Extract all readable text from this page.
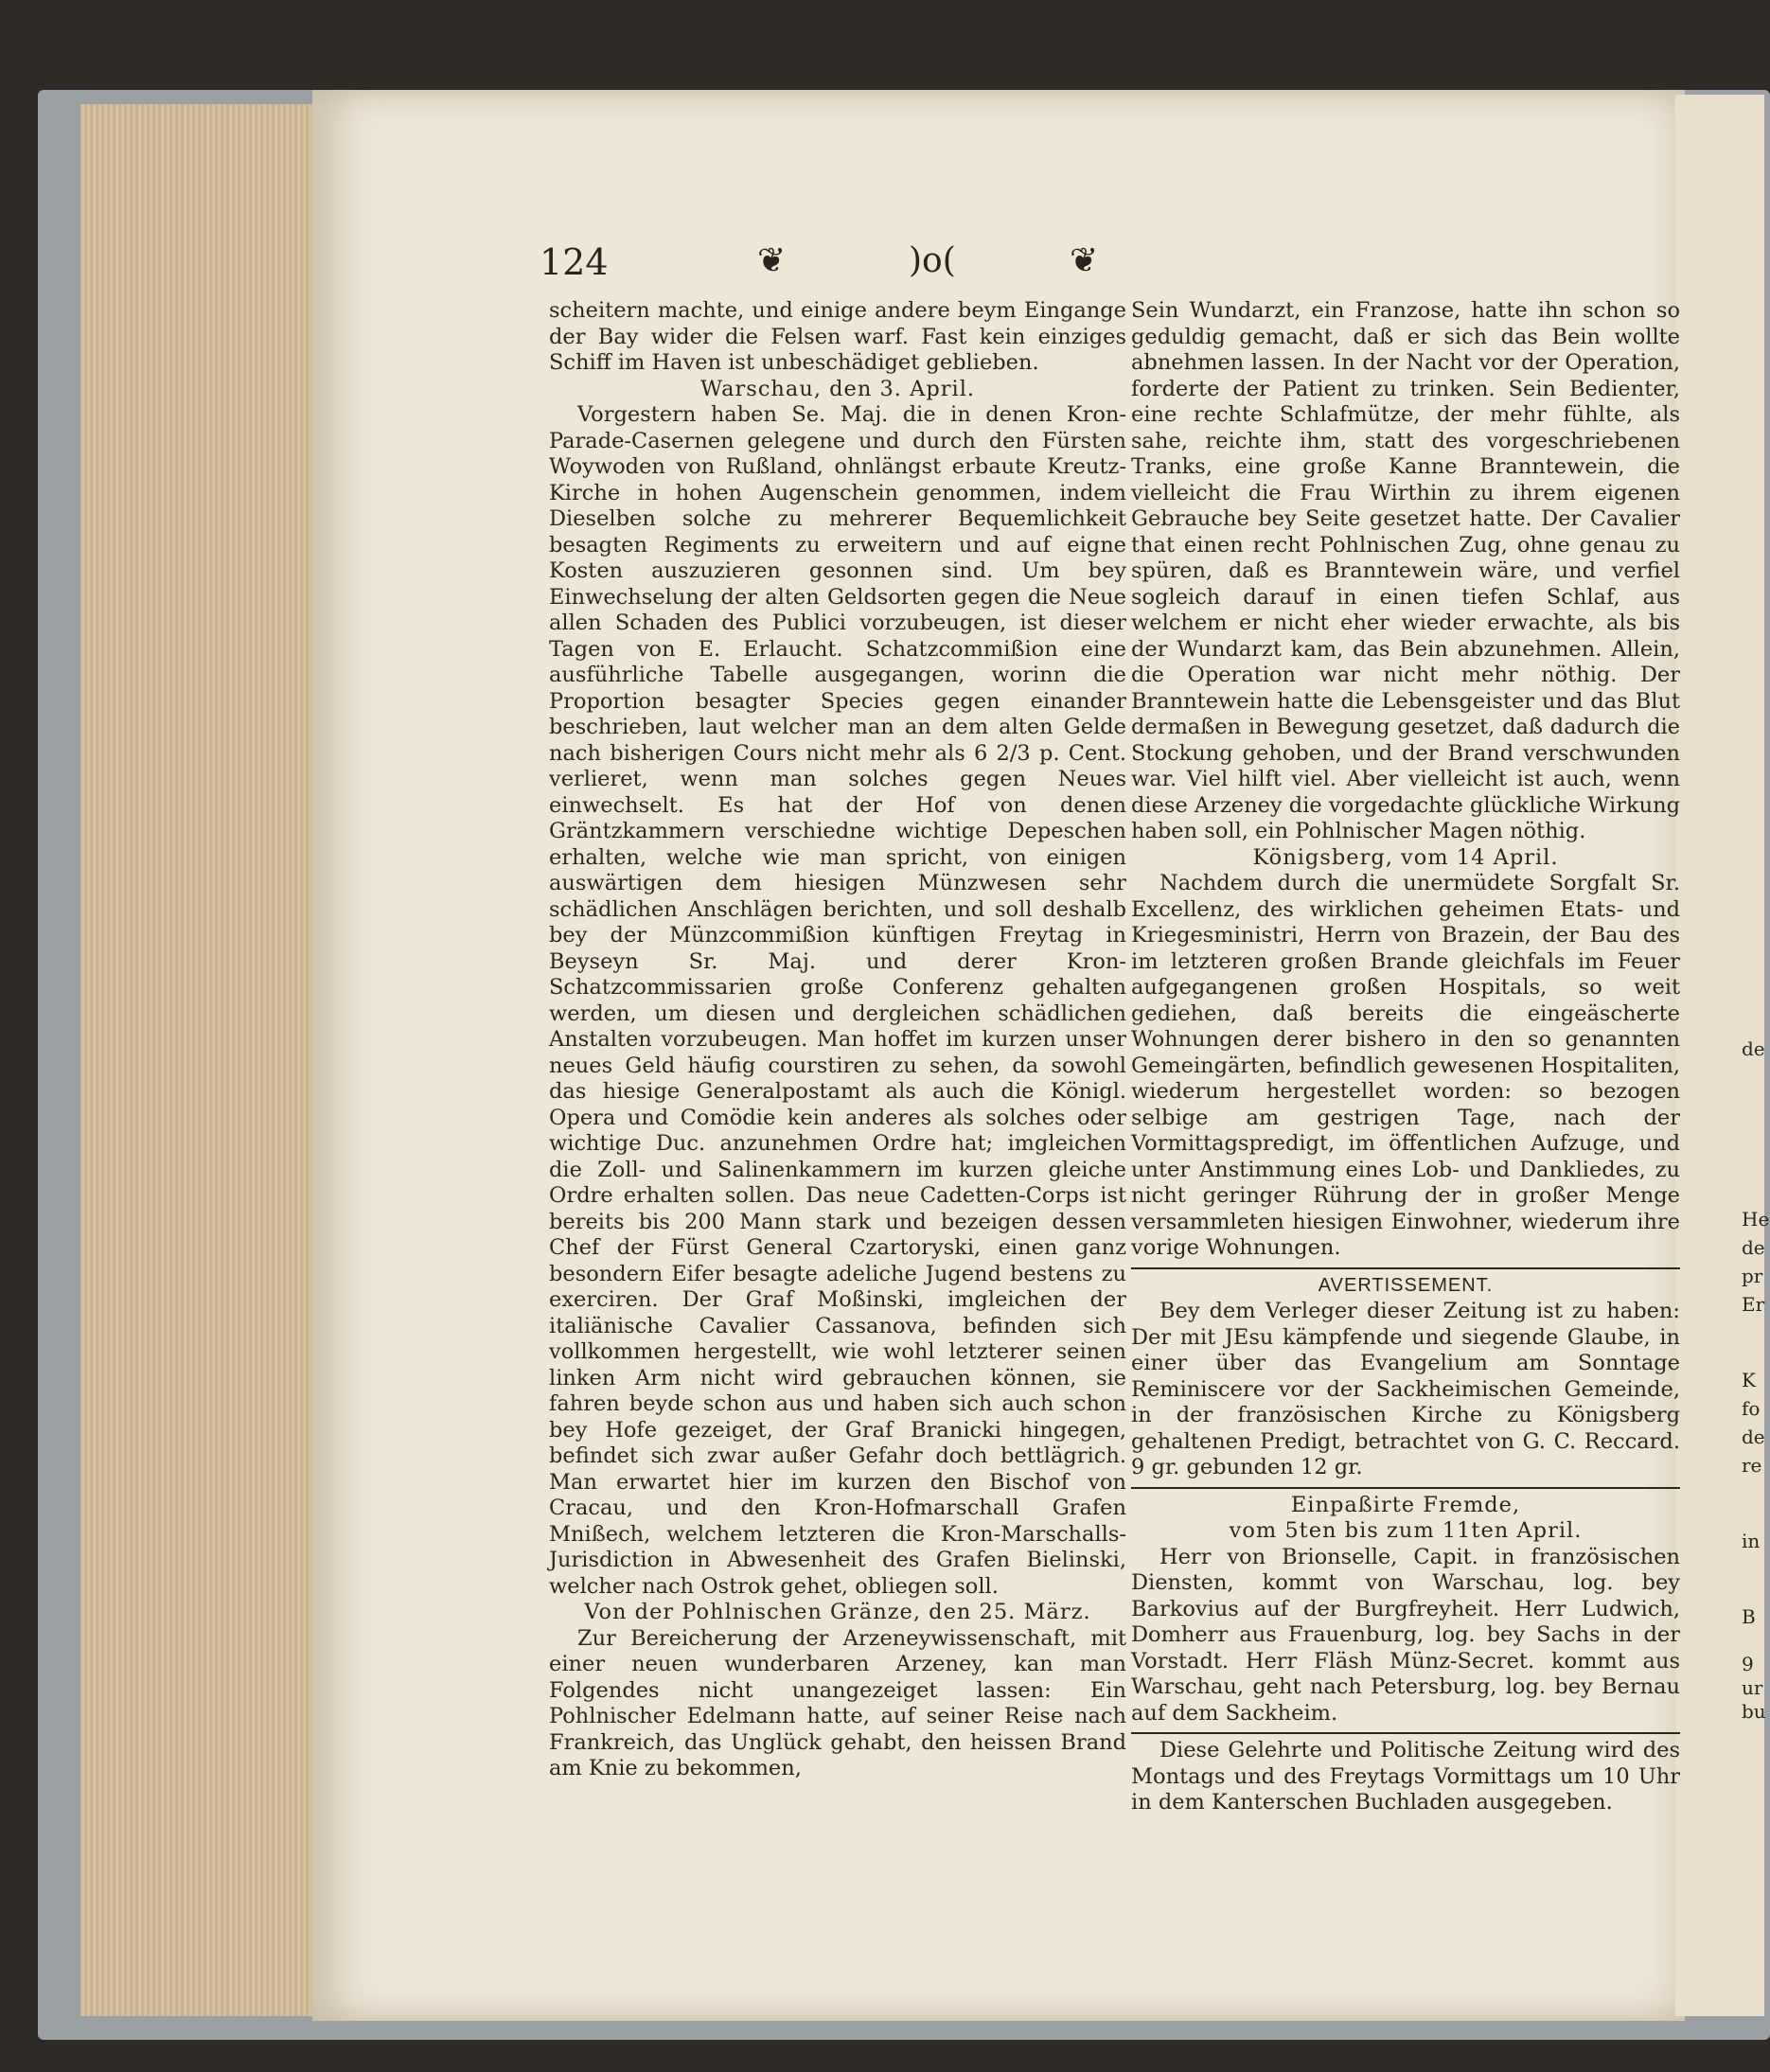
124	❦	)o(	❦

scheitern machte, und einige andere beym Eingange der Bay wider die Felsen warf. Fast kein einziges Schiff im Haven ist unbeschädiget geblieben.

Warschau, den 3. April.

Vorgestern haben Se. Maj. die in denen Kron-Parade-Casernen gelegene und durch den Fürsten Woywoden von Rußland, ohnlängst erbaute Kreutz-Kirche in hohen Augenschein genommen, indem Dieselben solche zu mehrerer Bequemlichkeit besagten Regiments zu erweitern und auf eigne Kosten auszuzieren gesonnen sind. Um bey Einwechselung der alten Geldsorten gegen die Neue allen Schaden des Publici vorzubeugen, ist dieser Tagen von E. Erlaucht. Schatzcommißion eine ausführliche Tabelle ausgegangen, worinn die Proportion besagter Species gegen einander beschrieben, laut welcher man an dem alten Gelde nach bisherigen Cours nicht mehr als 6 2/3 p. Cent. verlieret, wenn man solches gegen Neues einwechselt. Es hat der Hof von denen Gräntzkammern verschiedne wichtige Depeschen erhalten, welche wie man spricht, von einigen auswärtigen dem hiesigen Münzwesen sehr schädlichen Anschlägen berichten, und soll deshalb bey der Münzcommißion künftigen Freytag in Beyseyn Sr. Maj. und derer Kron-Schatzcommissarien große Conferenz gehalten werden, um diesen und dergleichen schädlichen Anstalten vorzubeugen. Man hoffet im kurzen unser neues Geld häufig courstiren zu sehen, da sowohl das hiesige Generalpostamt als auch die Königl. Opera und Comödie kein anderes als solches oder wichtige Duc. anzunehmen Ordre hat; imgleichen die Zoll- und Salinenkammern im kurzen gleiche Ordre erhalten sollen. Das neue Cadetten-Corps ist bereits bis 200 Mann stark und bezeigen dessen Chef der Fürst General Czartoryski, einen ganz besondern Eifer besagte adeliche Jugend bestens zu exerciren. Der Graf Moßinski, imgleichen der italiänische Cavalier Cassanova, befinden sich vollkommen hergestellt, wie wohl letzterer seinen linken Arm nicht wird gebrauchen können, sie fahren beyde schon aus und haben sich auch schon bey Hofe gezeiget, der Graf Branicki hingegen, befindet sich zwar außer Gefahr doch bettlägrich. Man erwartet hier im kurzen den Bischof von Cracau, und den Kron-Hofmarschall Grafen Mnißech, welchem letzteren die Kron-Marschalls-Jurisdiction in Abwesenheit des Grafen Bielinski, welcher nach Ostrok gehet, obliegen soll.

Von der Pohlnischen Gränze, den 25. März.

Zur Bereicherung der Arzeneywissenschaft, mit einer neuen wunderbaren Arzeney, kan man Folgendes nicht unangezeiget lassen: Ein Pohlnischer Edelmann hatte, auf seiner Reise nach Frankreich, das Unglück gehabt, den heissen Brand am Knie zu bekommen,

Sein Wundarzt, ein Franzose, hatte ihn schon so geduldig gemacht, daß er sich das Bein wollte abnehmen lassen. In der Nacht vor der Operation, forderte der Patient zu trinken. Sein Bedienter, eine rechte Schlafmütze, der mehr fühlte, als sahe, reichte ihm, statt des vorgeschriebenen Tranks, eine große Kanne Branntewein, die vielleicht die Frau Wirthin zu ihrem eigenen Gebrauche bey Seite gesetzet hatte. Der Cavalier that einen recht Pohlnischen Zug, ohne genau zu spüren, daß es Branntewein wäre, und verfiel sogleich darauf in einen tiefen Schlaf, aus welchem er nicht eher wieder erwachte, als bis der Wundarzt kam, das Bein abzunehmen. Allein, die Operation war nicht mehr nöthig. Der Branntewein hatte die Lebensgeister und das Blut dermaßen in Bewegung gesetzet, daß dadurch die Stockung gehoben, und der Brand verschwunden war. Viel hilft viel. Aber vielleicht ist auch, wenn diese Arzeney die vorgedachte glückliche Wirkung haben soll, ein Pohlnischer Magen nöthig.

Königsberg, vom 14 April.

Nachdem durch die unermüdete Sorgfalt Sr. Excellenz, des wirklichen geheimen Etats- und Kriegesministri, Herrn von Brazein, der Bau des im letzteren großen Brande gleichfals im Feuer aufgegangenen großen Hospitals, so weit gediehen, daß bereits die eingeäscherte Wohnungen derer bishero in den so genannten Gemeingärten, befindlich gewesenen Hospitaliten, wiederum hergestellet worden: so bezogen selbige am gestrigen Tage, nach der Vormittagspredigt, im öffentlichen Aufzuge, und unter Anstimmung eines Lob- und Dankliedes, zu nicht geringer Rührung der in großer Menge versammleten hiesigen Einwohner, wiederum ihre vorige Wohnungen.

AVERTISSEMENT.

Bey dem Verleger dieser Zeitung ist zu haben: Der mit JEsu kämpfende und siegende Glaube, in einer über das Evangelium am Sonntage Reminiscere vor der Sackheimischen Gemeinde, in der französischen Kirche zu Königsberg gehaltenen Predigt, betrachtet von G. C. Reccard. 9 gr. gebunden 12 gr.

Einpaßirte Fremde,

vom 5ten bis zum 11ten April.

Herr von Brionselle, Capit. in französischen Diensten, kommt von Warschau, log. bey Barkovius auf der Burgfreyheit. Herr Ludwich, Domherr aus Frauenburg, log. bey Sachs in der Vorstadt. Herr Fläsh Münz-Secret. kommt aus Warschau, geht nach Petersburg, log. bey Bernau auf dem Sackheim.

Diese Gelehrte und Politische Zeitung wird des Montags und des Freytags Vormittags um 10 Uhr in dem Kanterschen Buchladen ausgegeben.

de
He
de
pr
Er
K
fo
de
re
in
B
9
ur
bu
